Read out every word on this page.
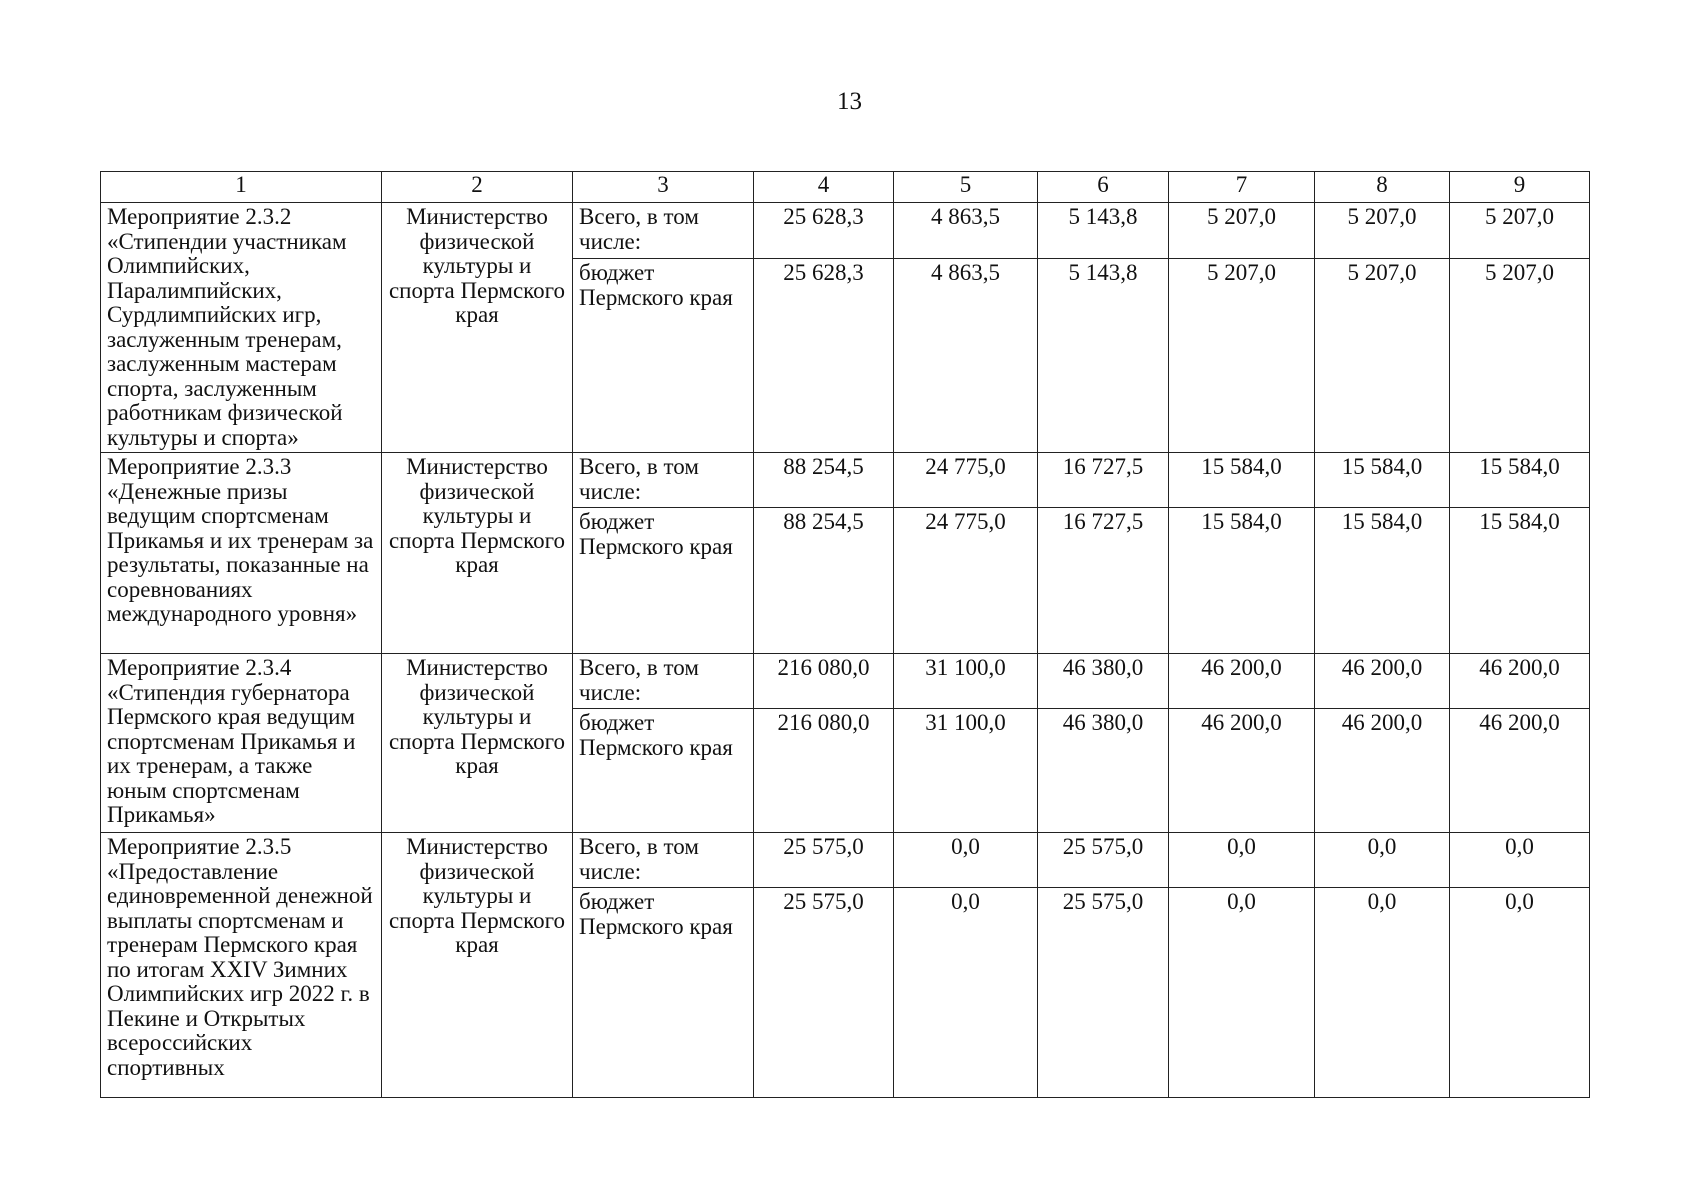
13
1	2	3	4	5	6	7	8	9
Мероприятие 2.3.2 «Стипендии участникам Олимпийских, Паралимпийских, Сурдлимпийских игр, заслуженным тренерам, заслуженным мастерам спорта, заслуженным работникам физической культуры и спорта»	Министерство физической культуры и спорта Пермского края	Всего, в том числе:	25 628,3	4 863,5	5 143,8	5 207,0	5 207,0	5 207,0
		бюджет Пермского края	25 628,3	4 863,5	5 143,8	5 207,0	5 207,0	5 207,0
Мероприятие 2.3.3 «Денежные призы ведущим спортсменам Прикамья и их тренерам за результаты, показанные на соревнованиях международного уровня»	Министерство физической культуры и спорта Пермского края	Всего, в том числе:	88 254,5	24 775,0	16 727,5	15 584,0	15 584,0	15 584,0
		бюджет Пермского края	88 254,5	24 775,0	16 727,5	15 584,0	15 584,0	15 584,0
Мероприятие 2.3.4 «Стипендия губернатора Пермского края ведущим спортсменам Прикамья и их тренерам, а также юным спортсменам Прикамья»	Министерство физической культуры и спорта Пермского края	Всего, в том числе:	216 080,0	31 100,0	46 380,0	46 200,0	46 200,0	46 200,0
		бюджет Пермского края	216 080,0	31 100,0	46 380,0	46 200,0	46 200,0	46 200,0
Мероприятие 2.3.5 «Предоставление единовременной денежной выплаты спортсменам и тренерам Пермского края по итогам XXIV Зимних Олимпийских игр 2022 г. в Пекине и Открытых всероссийских спортивных	Министерство физической культуры и спорта Пермского края	Всего, в том числе:	25 575,0	0,0	25 575,0	0,0	0,0	0,0
		бюджет Пермского края	25 575,0	0,0	25 575,0	0,0	0,0	0,0
